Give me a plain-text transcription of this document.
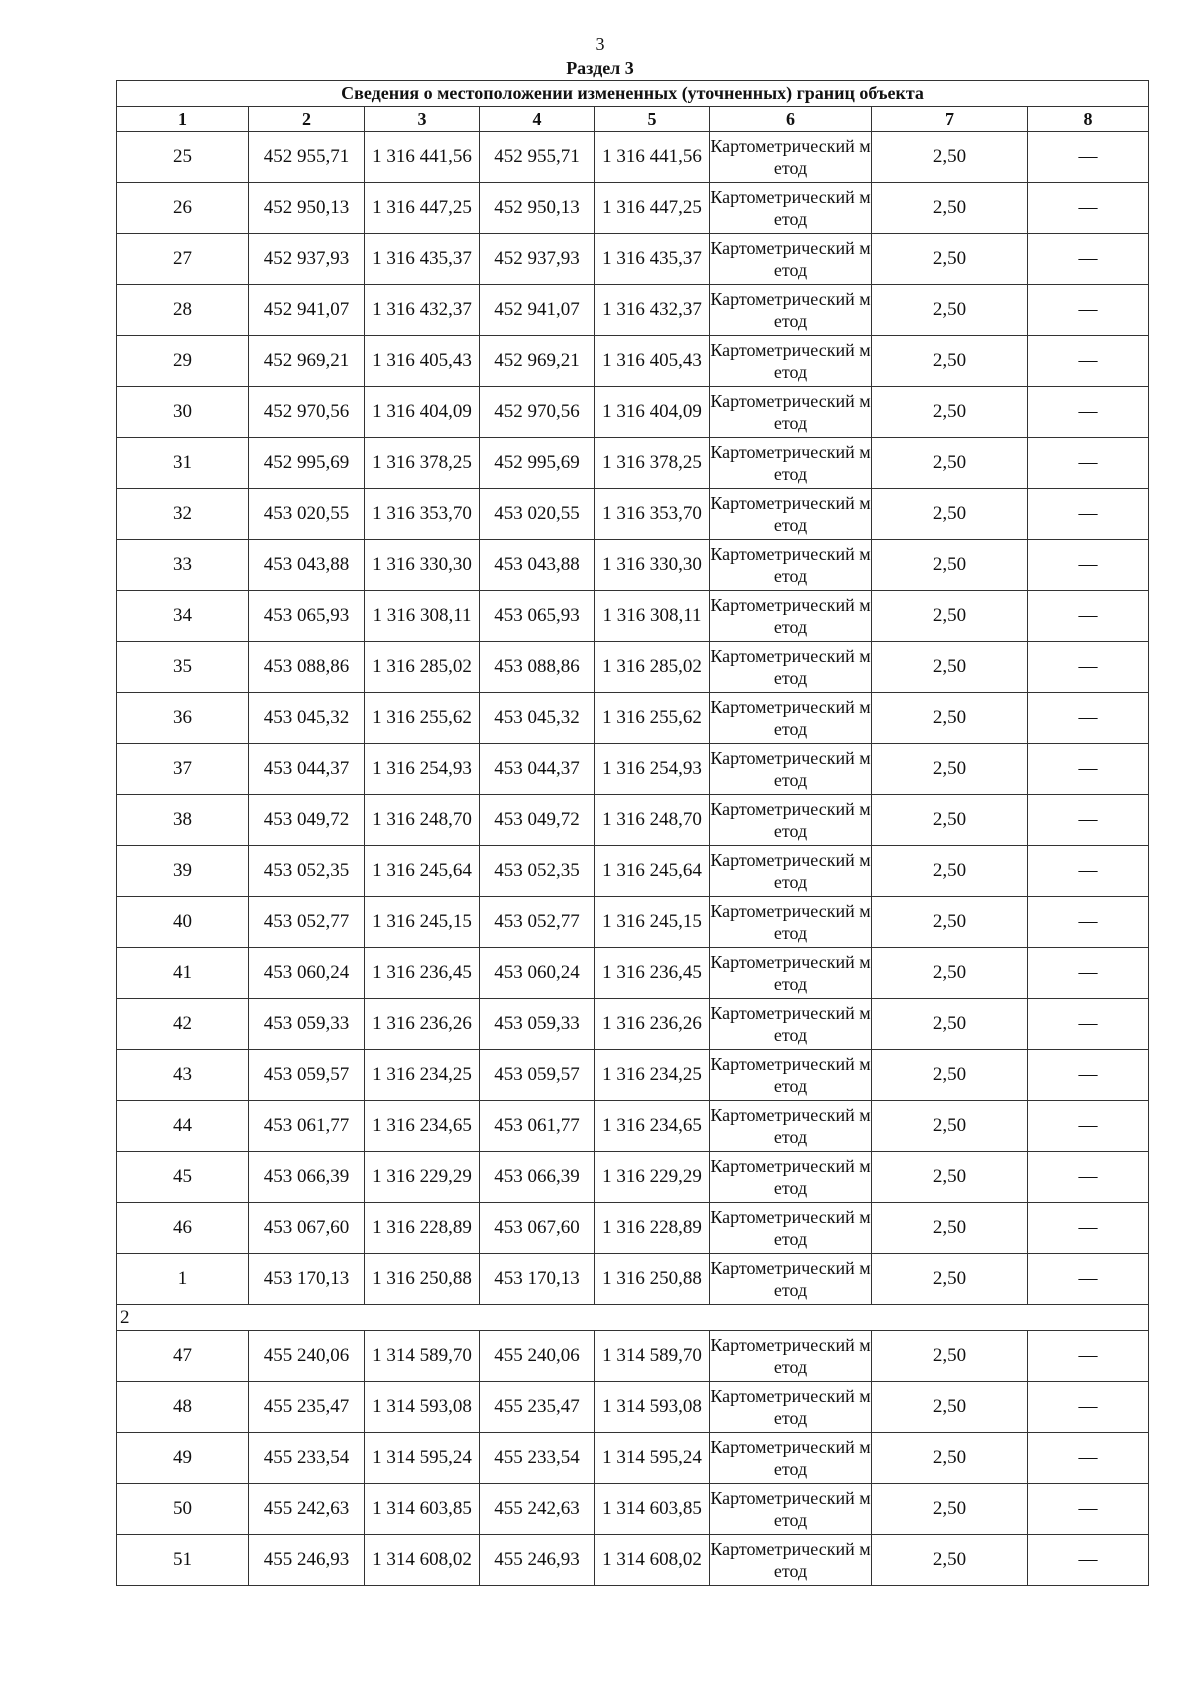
3
Раздел 3
Сведения о местоположении измененных (уточненных) границ объекта							
1	2	3	4	5	6	7	8
25	452 955,71	1 316 441,56	452 955,71	1 316 441,56	Картометрический метод	2,50	—
26	452 950,13	1 316 447,25	452 950,13	1 316 447,25	Картометрический метод	2,50	—
27	452 937,93	1 316 435,37	452 937,93	1 316 435,37	Картометрический метод	2,50	—
28	452 941,07	1 316 432,37	452 941,07	1 316 432,37	Картометрический метод	2,50	—
29	452 969,21	1 316 405,43	452 969,21	1 316 405,43	Картометрический метод	2,50	—
30	452 970,56	1 316 404,09	452 970,56	1 316 404,09	Картометрический метод	2,50	—
31	452 995,69	1 316 378,25	452 995,69	1 316 378,25	Картометрический метод	2,50	—
32	453 020,55	1 316 353,70	453 020,55	1 316 353,70	Картометрический метод	2,50	—
33	453 043,88	1 316 330,30	453 043,88	1 316 330,30	Картометрический метод	2,50	—
34	453 065,93	1 316 308,11	453 065,93	1 316 308,11	Картометрический метод	2,50	—
35	453 088,86	1 316 285,02	453 088,86	1 316 285,02	Картометрический метод	2,50	—
36	453 045,32	1 316 255,62	453 045,32	1 316 255,62	Картометрический метод	2,50	—
37	453 044,37	1 316 254,93	453 044,37	1 316 254,93	Картометрический метод	2,50	—
38	453 049,72	1 316 248,70	453 049,72	1 316 248,70	Картометрический метод	2,50	—
39	453 052,35	1 316 245,64	453 052,35	1 316 245,64	Картометрический метод	2,50	—
40	453 052,77	1 316 245,15	453 052,77	1 316 245,15	Картометрический метод	2,50	—
41	453 060,24	1 316 236,45	453 060,24	1 316 236,45	Картометрический метод	2,50	—
42	453 059,33	1 316 236,26	453 059,33	1 316 236,26	Картометрический метод	2,50	—
43	453 059,57	1 316 234,25	453 059,57	1 316 234,25	Картометрический метод	2,50	—
44	453 061,77	1 316 234,65	453 061,77	1 316 234,65	Картометрический метод	2,50	—
45	453 066,39	1 316 229,29	453 066,39	1 316 229,29	Картометрический метод	2,50	—
46	453 067,60	1 316 228,89	453 067,60	1 316 228,89	Картометрический метод	2,50	—
1	453 170,13	1 316 250,88	453 170,13	1 316 250,88	Картометрический метод	2,50	—
2							
47	455 240,06	1 314 589,70	455 240,06	1 314 589,70	Картометрический метод	2,50	—
48	455 235,47	1 314 593,08	455 235,47	1 314 593,08	Картометрический метод	2,50	—
49	455 233,54	1 314 595,24	455 233,54	1 314 595,24	Картометрический метод	2,50	—
50	455 242,63	1 314 603,85	455 242,63	1 314 603,85	Картометрический метод	2,50	—
51	455 246,93	1 314 608,02	455 246,93	1 314 608,02	Картометрический метод	2,50	—
